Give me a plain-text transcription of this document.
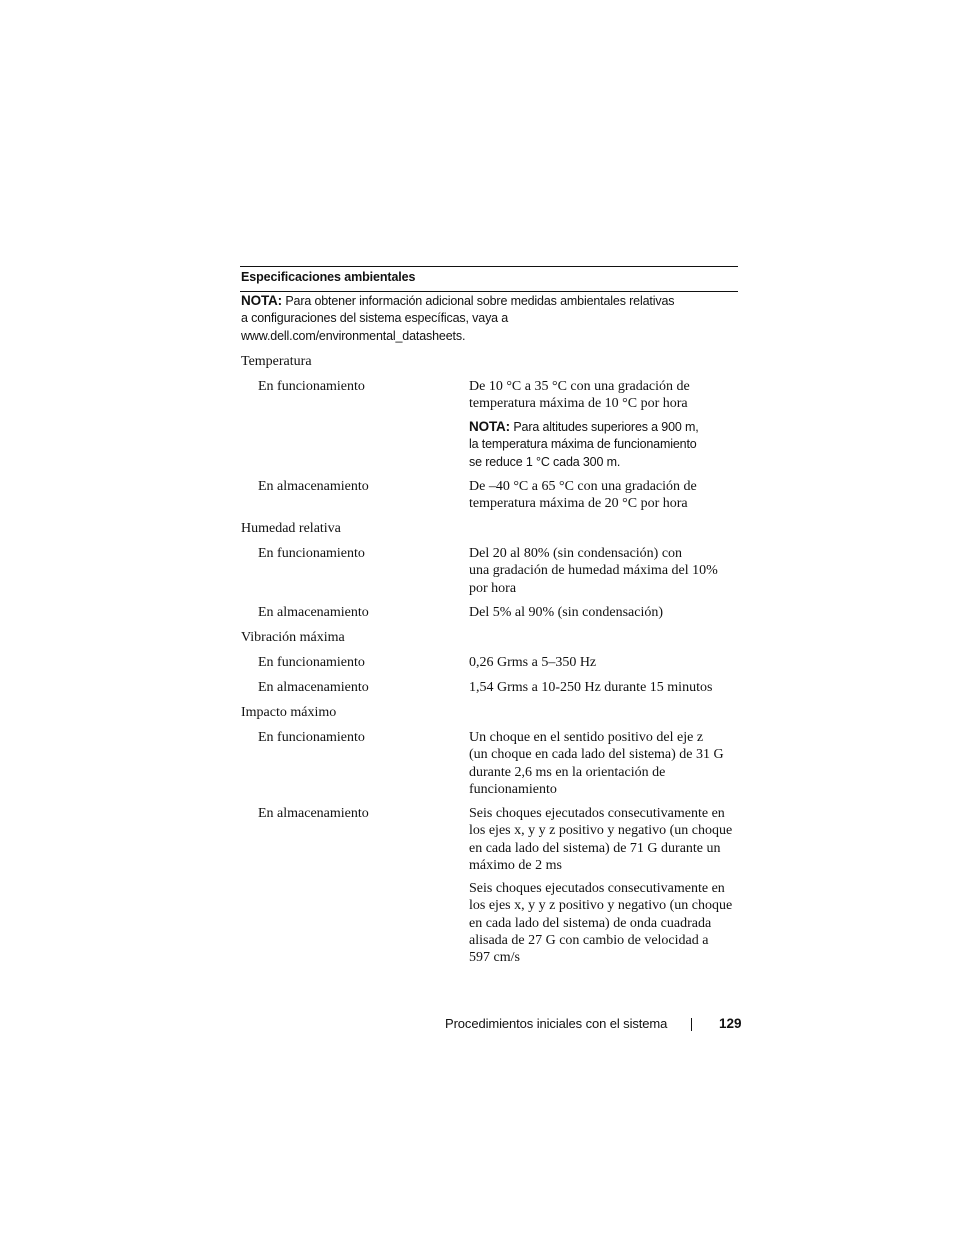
Especificaciones ambientales
NOTA: Para obtener información adicional sobre medidas ambientales relativas
a configuraciones del sistema específicas, vaya a
www.dell.com/environmental_datasheets.
Temperatura
En funcionamiento	De 10 °C a 35 °C con una gradación de
temperatura máxima de 10 °C por hora
NOTA: Para altitudes superiores a 900 m,
la temperatura máxima de funcionamiento
se reduce 1 °C cada 300 m.
En almacenamiento	De –40 °C a 65 °C con una gradación de
temperatura máxima de 20 °C por hora
Humedad relativa
En funcionamiento	Del 20 al 80% (sin condensación) con
una gradación de humedad máxima del 10%
por hora
En almacenamiento	Del 5% al 90% (sin condensación)
Vibración máxima
En funcionamiento	0,26 Grms a 5–350 Hz
En almacenamiento	1,54 Grms a 10-250 Hz durante 15 minutos
Impacto máximo
En funcionamiento	Un choque en el sentido positivo del eje z
(un choque en cada lado del sistema) de 31 G
durante 2,6 ms en la orientación de
funcionamiento
En almacenamiento	Seis choques ejecutados consecutivamente en
los ejes x, y y z positivo y negativo (un choque
en cada lado del sistema) de 71 G durante un
máximo de 2 ms
Seis choques ejecutados consecutivamente en
los ejes x, y y z positivo y negativo (un choque
en cada lado del sistema) de onda cuadrada
alisada de 27 G con cambio de velocidad a
597 cm/s
Procedimientos iniciales con el sistema	129
